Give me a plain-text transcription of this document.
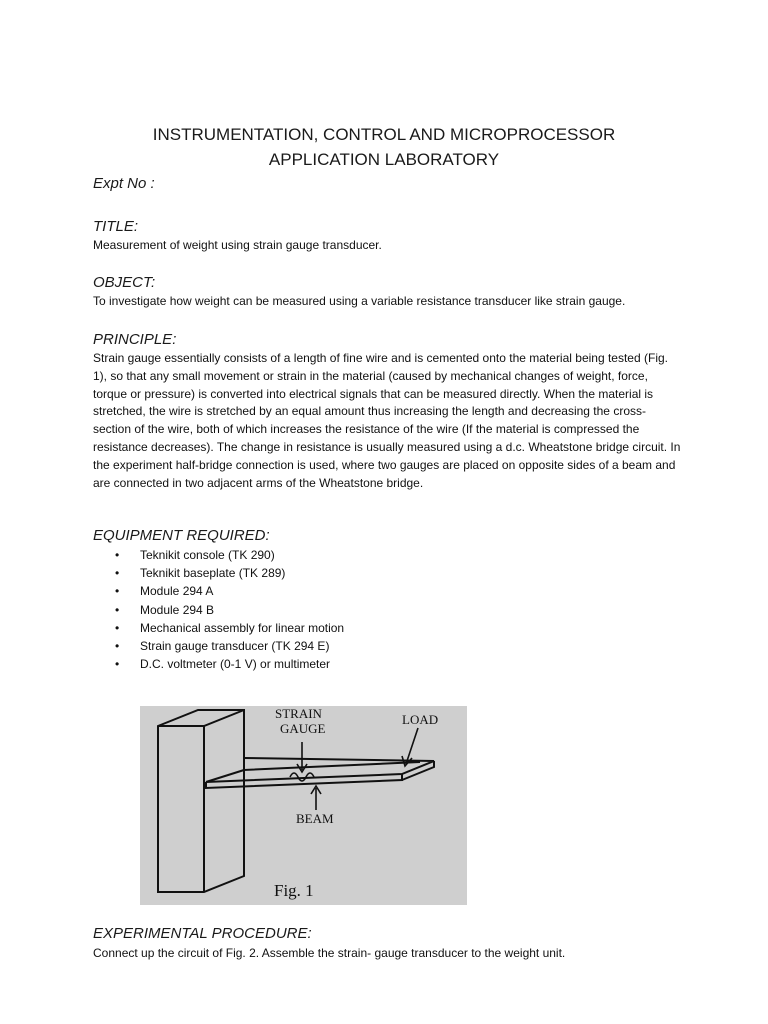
INSTRUMENTATION, CONTROL AND MICROPROCESSOR
APPLICATION LABORATORY
Expt No :
TITLE:
Measurement of weight using strain gauge transducer.
OBJECT:
To investigate how weight can be measured using a variable resistance transducer like strain gauge.
PRINCIPLE:
Strain gauge essentially consists of a length of fine wire and is cemented onto the material being tested (Fig. 1), so that any small movement or strain in the material (caused by mechanical changes of weight, force, torque or pressure) is converted into electrical signals that can be measured directly. When the material is stretched, the wire is stretched by an equal amount thus increasing the length and decreasing the cross-section of the wire, both of which increases the resistance of the wire (If the material is compressed the resistance decreases). The change in resistance is usually measured using a d.c. Wheatstone bridge circuit. In the experiment half-bridge connection is used, where two gauges are placed on opposite sides of a beam and are connected in two adjacent arms of the Wheatstone bridge.
EQUIPMENT REQUIRED:
• Teknikit console (TK 290)
• Teknikit baseplate (TK 289)
• Module 294 A
• Module 294 B
• Mechanical assembly for linear motion
• Strain gauge transducer (TK 294 E)
• D.C. voltmeter (0-1 V) or multimeter
STRAIN
GAUGE
LOAD
BEAM
Fig. 1
EXPERIMENTAL PROCEDURE:
Connect up the circuit of Fig. 2. Assemble the strain- gauge transducer to the weight unit.
